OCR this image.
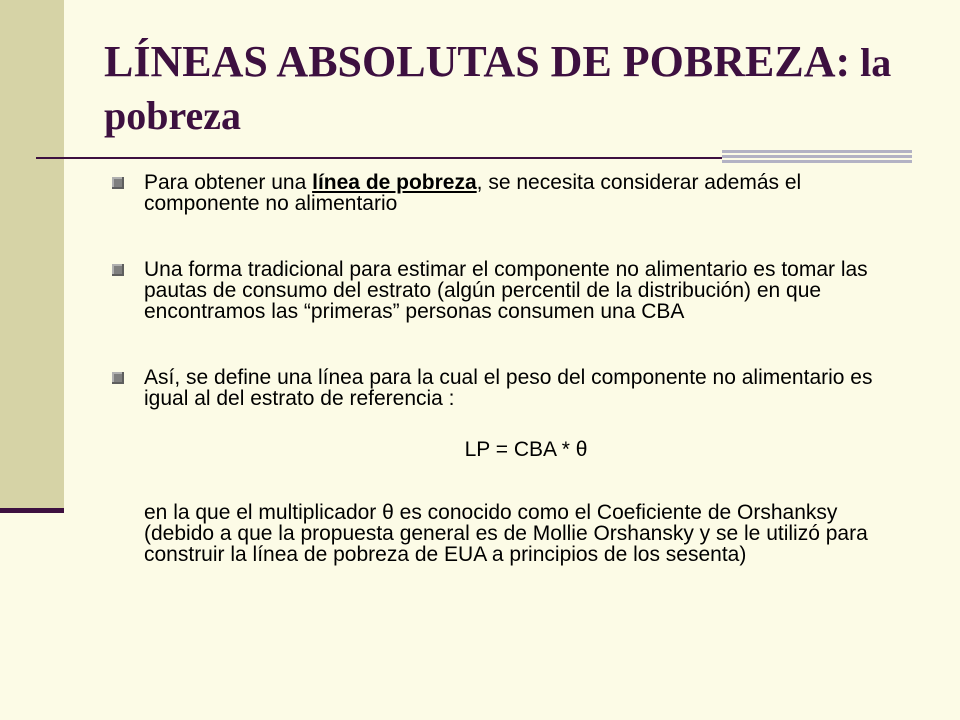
LÍNEAS ABSOLUTAS DE POBREZA: la pobreza

Para obtener una línea de pobreza, se necesita considerar además el componente no alimentario

Una forma tradicional para estimar el componente no alimentario es tomar las pautas de consumo del estrato (algún percentil de la distribución) en que encontramos las “primeras” personas consumen una CBA

Así, se define una línea para la cual el peso del componente no alimentario es igual al del estrato de referencia :

LP = CBA * θ

en la que el multiplicador θ es conocido como el Coeficiente de Orshanksy (debido a que la propuesta general es de Mollie Orshansky y se le utilizó para construir la línea de pobreza de EUA a principios de los sesenta)
